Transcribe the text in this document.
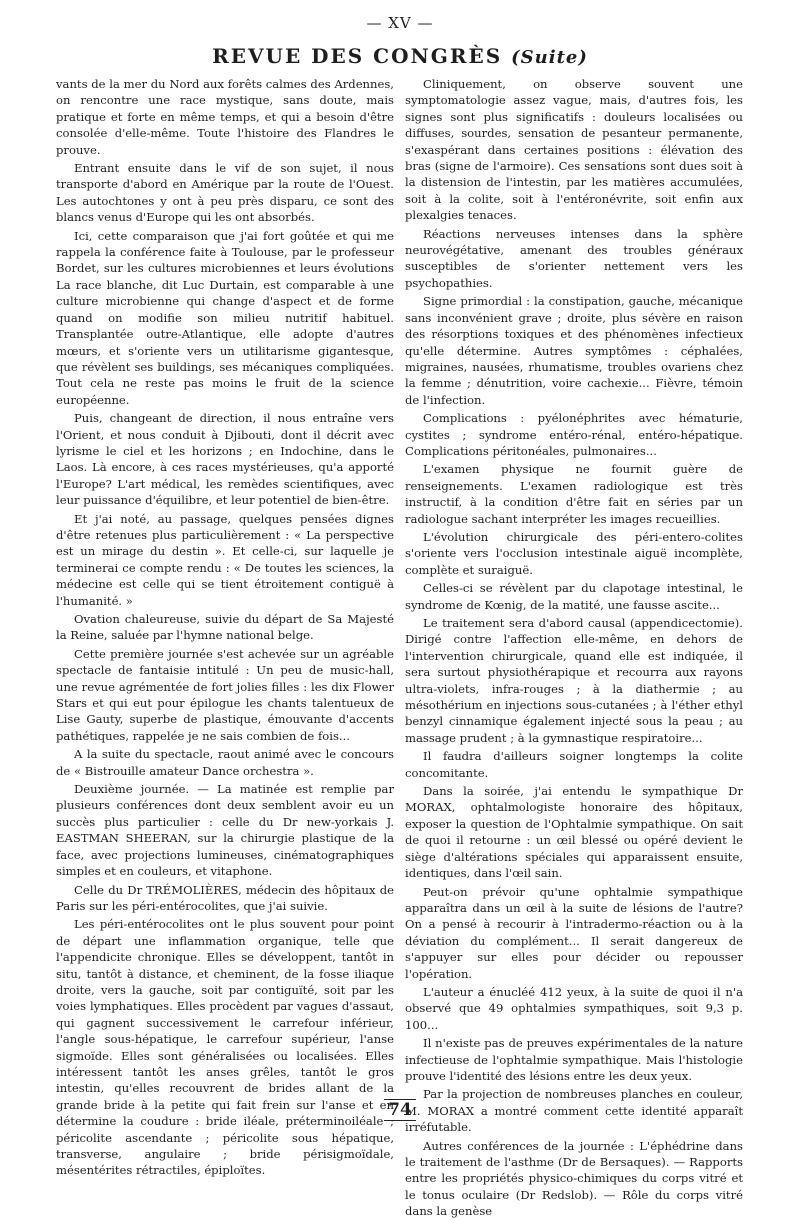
— XV —
REVUE DES CONGRÈS (Suite)

vants de la mer du Nord aux forêts calmes des Ardennes, on rencontre une race mystique, sans doute, mais pratique et forte en même temps, et qui a besoin d'être consolée d'elle-même. Toute l'histoire des Flandres le prouve.

Entrant ensuite dans le vif de son sujet, il nous transporte d'abord en Amérique par la route de l'Ouest. Les autochtones y ont à peu près disparu, ce sont des blancs venus d'Europe qui les ont absorbés.

Ici, cette comparaison que j'ai fort goûtée et qui me rappela la conférence faite à Toulouse, par le professeur Bordet, sur les cultures microbiennes et leurs évolutions La race blanche, dit Luc Durtain, est comparable à une culture microbienne qui change d'aspect et de forme quand on modifie son milieu nutritif habituel. Transplantée outre-Atlantique, elle adopte d'autres mœurs, et s'oriente vers un utilitarisme gigantesque, que révèlent ses buildings, ses mécaniques compliquées. Tout cela ne reste pas moins le fruit de la science européenne.

Puis, changeant de direction, il nous entraîne vers l'Orient, et nous conduit à Djibouti, dont il décrit avec lyrisme le ciel et les horizons ; en Indochine, dans le Laos. Là encore, à ces races mystérieuses, qu'a apporté l'Europe? L'art médical, les remèdes scientifiques, avec leur puissance d'équilibre, et leur potentiel de bien-être.

Et j'ai noté, au passage, quelques pensées dignes d'être retenues plus particulièrement : « La perspective est un mirage du destin ». Et celle-ci, sur laquelle je terminerai ce compte rendu : « De toutes les sciences, la médecine est celle qui se tient étroitement contiguë à l'humanité. »

Ovation chaleureuse, suivie du départ de Sa Majesté la Reine, saluée par l'hymne national belge.

Cette première journée s'est achevée sur un agréable spectacle de fantaisie intitulé : Un peu de music-hall, une revue agrémentée de fort jolies filles : les dix Flower Stars et qui eut pour épilogue les chants talentueux de Lise Gauty, superbe de plastique, émouvante d'accents pathétiques, rappelée je ne sais combien de fois...

A la suite du spectacle, raout animé avec le concours de « Bistrouille amateur Dance orchestra ».

Deuxième journée. — La matinée est remplie par plusieurs conférences dont deux semblent avoir eu un succès plus particulier : celle du Dr new-yorkais J. EASTMAN SHEERAN, sur la chirurgie plastique de la face, avec projections lumineuses, cinématographiques simples et en couleurs, et vitaphone.

Celle du Dr TRÉMOLIÈRES, médecin des hôpitaux de Paris sur les péri-entérocolites, que j'ai suivie.

Les péri-entérocolites ont le plus souvent pour point de départ une inflammation organique, telle que l'appendicite chronique. Elles se développent, tantôt in situ, tantôt à distance, et cheminent, de la fosse iliaque droite, vers la gauche, soit par contiguïté, soit par les voies lymphatiques. Elles procèdent par vagues d'assaut, qui gagnent successivement le carrefour inférieur, l'angle sous-hépatique, le carrefour supérieur, l'anse sigmoïde. Elles sont généralisées ou localisées. Elles intéressent tantôt les anses grêles, tantôt le gros intestin, qu'elles recouvrent de brides allant de la grande bride à la petite qui fait frein sur l'anse et en détermine la coudure : bride iléale, préterminoiléale ; péricolite ascendante ; péricolite sous hépatique, transverse, angulaire ; bride périsigmoïdale, mésentérites rétractiles, épiploïtes.

Cliniquement, on observe souvent une symptomatologie assez vague, mais, d'autres fois, les signes sont plus significatifs : douleurs localisées ou diffuses, sourdes, sensation de pesanteur permanente, s'exaspérant dans certaines positions : élévation des bras (signe de l'armoire). Ces sensations sont dues soit à la distension de l'intestin, par les matières accumulées, soit à la colite, soit à l'entéronévrite, soit enfin aux plexalgies tenaces.

Réactions nerveuses intenses dans la sphère neurovégétative, amenant des troubles généraux susceptibles de s'orienter nettement vers les psychopathies.

Signe primordial : la constipation, gauche, mécanique sans inconvénient grave ; droite, plus sévère en raison des résorptions toxiques et des phénomènes infectieux qu'elle détermine. Autres symptômes : céphalées, migraines, nausées, rhumatisme, troubles ovariens chez la femme ; dénutrition, voire cachexie... Fièvre, témoin de l'infection.

Complications : pyélonéphrites avec hématurie, cystites ; syndrome entéro-rénal, entéro-hépatique. Complications péritonéales, pulmonaires...

L'examen physique ne fournit guère de renseignements. L'examen radiologique est très instructif, à la condition d'être fait en séries par un radiologue sachant interpréter les images recueillies.

L'évolution chirurgicale des péri-entero-colites s'oriente vers l'occlusion intestinale aiguë incomplète, complète et suraiguë.

Celles-ci se révèlent par du clapotage intestinal, le syndrome de Kœnig, de la matité, une fausse ascite...

Le traitement sera d'abord causal (appendicectomie). Dirigé contre l'affection elle-même, en dehors de l'intervention chirurgicale, quand elle est indiquée, il sera surtout physiothérapique et recourra aux rayons ultra-violets, infra-rouges ; à la diathermie ; au mésothérium en injections sous-cutanées ; à l'éther ethyl benzyl cinnamique également injecté sous la peau ; au massage prudent ; à la gymnastique respiratoire...

Il faudra d'ailleurs soigner longtemps la colite concomitante.

Dans la soirée, j'ai entendu le sympathique Dr MORAX, ophtalmologiste honoraire des hôpitaux, exposer la question de l'Ophtalmie sympathique. On sait de quoi il retourne : un œil blessé ou opéré devient le siège d'altérations spéciales qui apparaissent ensuite, identiques, dans l'œil sain.

Peut-on prévoir qu'une ophtalmie sympathique apparaîtra dans un œil à la suite de lésions de l'autre? On a pensé à recourir à l'intradermo-réaction ou à la déviation du complément... Il serait dangereux de s'appuyer sur elles pour décider ou repousser l'opération.

L'auteur a énucléé 412 yeux, à la suite de quoi il n'a observé que 49 ophtalmies sympathiques, soit 9,3 p. 100...

Il n'existe pas de preuves expérimentales de la nature infectieuse de l'ophtalmie sympathique. Mais l'histologie prouve l'identité des lésions entre les deux yeux.

Par la projection de nombreuses planches en couleur, M. MORAX a montré comment cette identité apparaît irréfutable.

Autres conférences de la journée : L'éphédrine dans le traitement de l'asthme (Dr de Bersaques). — Rapports entre les propriétés physico-chimiques du corps vitré et le tonus oculaire (Dr Redslob). — Rôle du corps vitré dans la genèse

74
